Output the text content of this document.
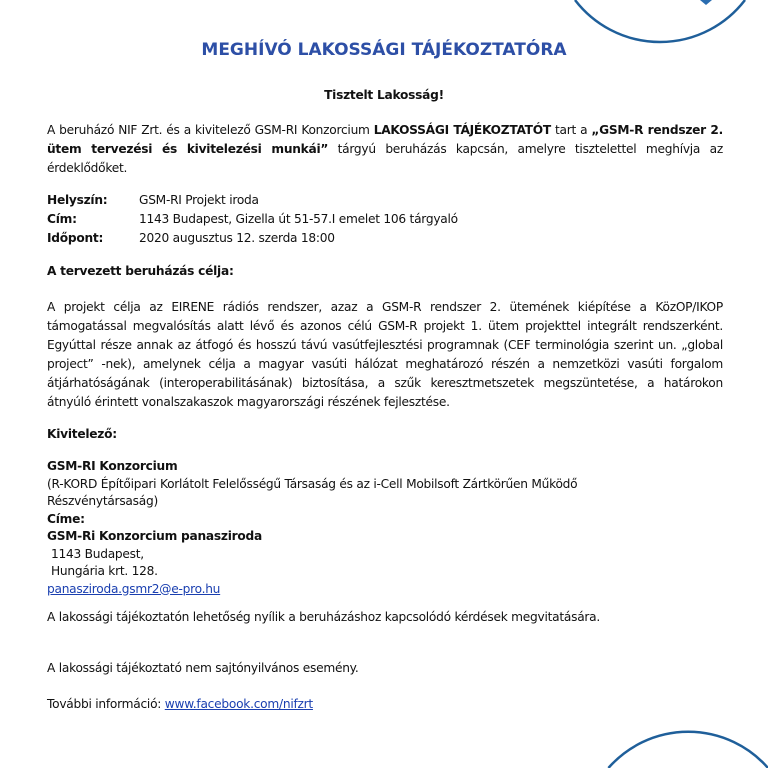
MEGHÍVÓ LAKOSSÁGI TÁJÉKOZTATÓRA
Tisztelt Lakosság!
A beruházó NIF Zrt. és a kivitelező GSM-RI Konzorcium LAKOSSÁGI TÁJÉKOZTATÓT tart a „GSM-R rendszer 2. ütem tervezési és kivitelezési munkái” tárgyú beruházás kapcsán, amelyre tisztelettel meghívja az érdeklődőket.
Helyszín:	GSM-RI Projekt iroda
Cím:	1143 Budapest, Gizella út 51-57.I emelet 106 tárgyaló
Időpont:	2020 augusztus 12. szerda 18:00
A tervezett beruházás célja:
A projekt célja az EIRENE rádiós rendszer, azaz a GSM-R rendszer 2. ütemének kiépítése a KözOP/IKOP támogatással megvalósítás alatt lévő és azonos célú GSM-R projekt 1. ütem projekttel integrált rendszerként. Egyúttal része annak az átfogó és hosszú távú vasútfejlesztési programnak (CEF terminológia szerint un. „global project” -nek), amelynek célja a magyar vasúti hálózat meghatározó részén a nemzetközi vasúti forgalom átjárhatóságának (interoperabilitásának) biztosítása, a szűk keresztmetszetek megszüntetése, a határokon átnyúló érintett vonalszakaszok magyarországi részének fejlesztése.
Kivitelező:
GSM-RI Konzorcium
(R-KORD Építőipari Korlátolt Felelősségű Társaság és az i-Cell Mobilsoft Zártkörűen Működő Részvénytársaság)
Címe:
GSM-Ri Konzorcium panasziroda
1143 Budapest,
Hungária krt. 128.
panasziroda.gsmr2@e-pro.hu
A lakossági tájékoztatón lehetőség nyílik a beruházáshoz kapcsolódó kérdések megvitatására.
A lakossági tájékoztató nem sajtónyilvános esemény.
További információ: www.facebook.com/nifzrt
